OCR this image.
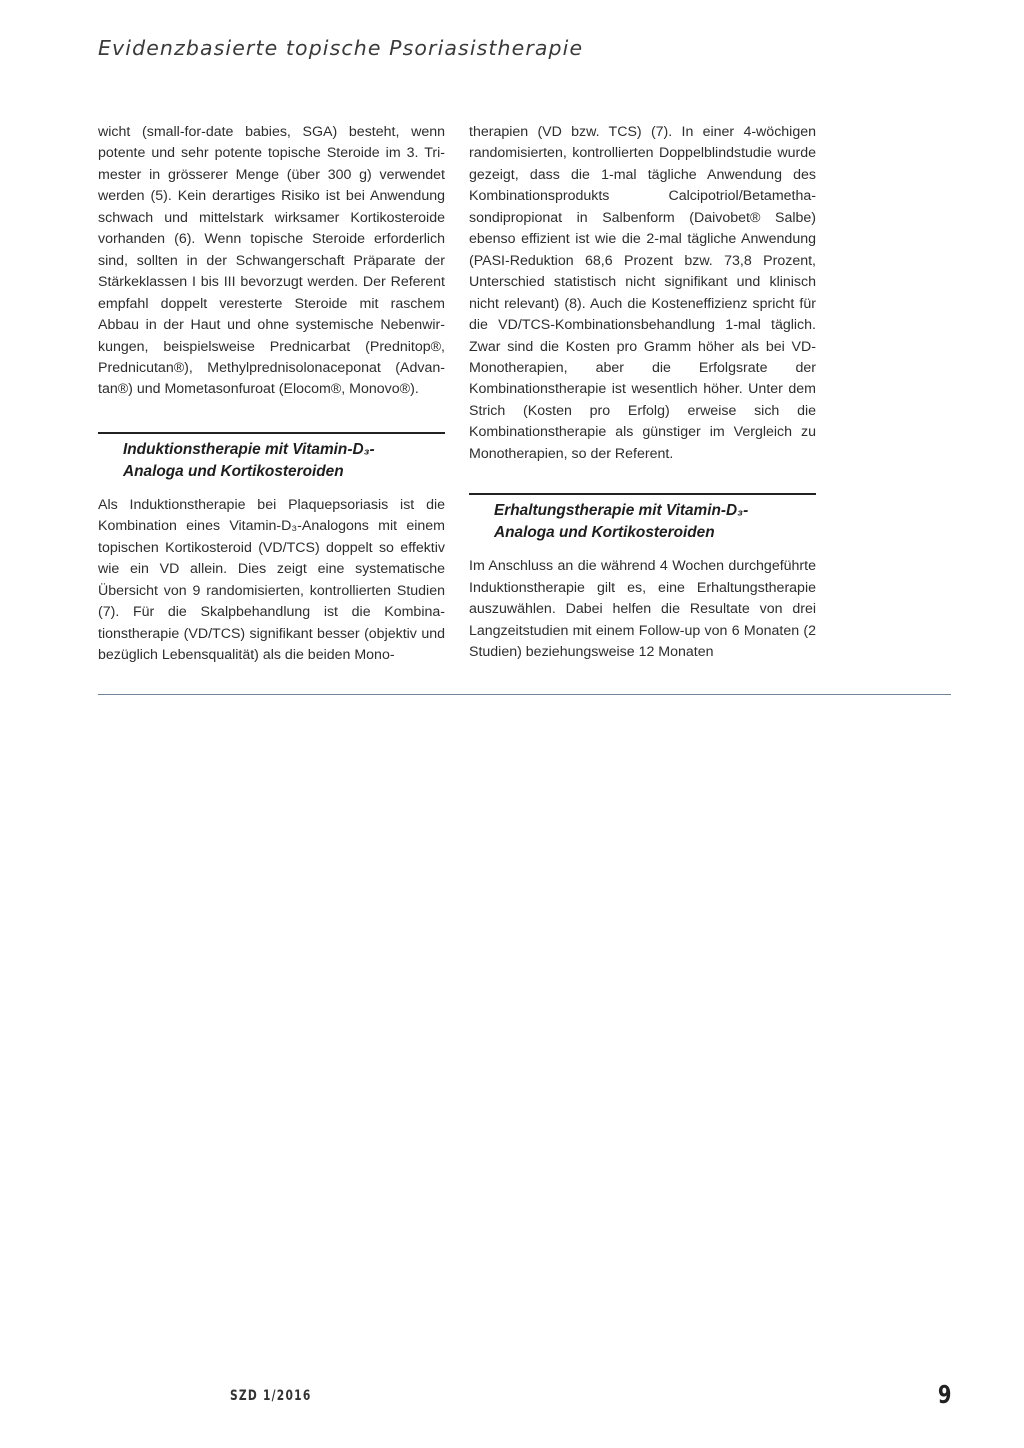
Evidenzbasierte topische Psoriasistherapie

wicht (small-for-date babies, SGA) besteht, wenn potente und sehr potente topische Steroide im 3. Trimester in grösserer Menge (über 300 g) verwendet werden (5). Kein derartiges Risiko ist bei Anwendung schwach und mittelstark wirksamer Kortikosteroide vorhanden (6). Wenn topische Steroide erforderlich sind, sollten in der Schwangerschaft Präparate der Stärkeklassen I bis III bevorzugt werden. Der Referent empfahl doppelt veresterte Steroide mit raschem Abbau in der Haut und ohne systemische Nebenwirkungen, beispielsweise Prednicarbat (Prednitop®, Prednicutan®), Methylprednisolonaceponat (Advantan®) und Mometasonfuroat (Elocom®, Monovo®).

Induktionstherapie mit Vitamin-D₃-
Analoga und Kortikosteroiden

Als Induktionstherapie bei Plaquepsoriasis ist die Kombination eines Vitamin-D₃-Analogons mit einem topischen Kortikosteroid (VD/TCS) doppelt so effektiv wie ein VD allein. Dies zeigt eine systematische Übersicht von 9 randomisierten, kontrollierten Studien (7). Für die Skalpbehandlung ist die Kombinationstherapie (VD/TCS) signifikant besser (objektiv und bezüglich Lebensqualität) als die beiden Mono-

therapien (VD bzw. TCS) (7). In einer 4-wöchigen randomisierten, kontrollierten Doppelblindstudie wurde gezeigt, dass die 1-mal tägliche Anwendung des Kombinationsprodukts Calcipotriol/Betamethasondipropionat in Salbenform (Daivobet® Salbe) ebenso effizient ist wie die 2-mal tägliche Anwendung (PASI-Reduktion 68,6 Prozent bzw. 73,8 Prozent, Unterschied statistisch nicht signifikant und klinisch nicht relevant) (8). Auch die Kosteneffizienz spricht für die VD/TCS-Kombinationsbehandlung 1-mal täglich. Zwar sind die Kosten pro Gramm höher als bei VD-Monotherapien, aber die Erfolgsrate der Kombinationstherapie ist wesentlich höher. Unter dem Strich (Kosten pro Erfolg) erweise sich die Kombinationstherapie als günstiger im Vergleich zu Monotherapien, so der Referent.

Erhaltungstherapie mit Vitamin-D₃-
Analoga und Kortikosteroiden

Im Anschluss an die während 4 Wochen durchgeführte Induktionstherapie gilt es, eine Erhaltungstherapie auszuwählen. Dabei helfen die Resultate von drei Langzeitstudien mit einem Follow-up von 6 Monaten (2 Studien) beziehungsweise 12 Monaten

SZD 1/2016	9
